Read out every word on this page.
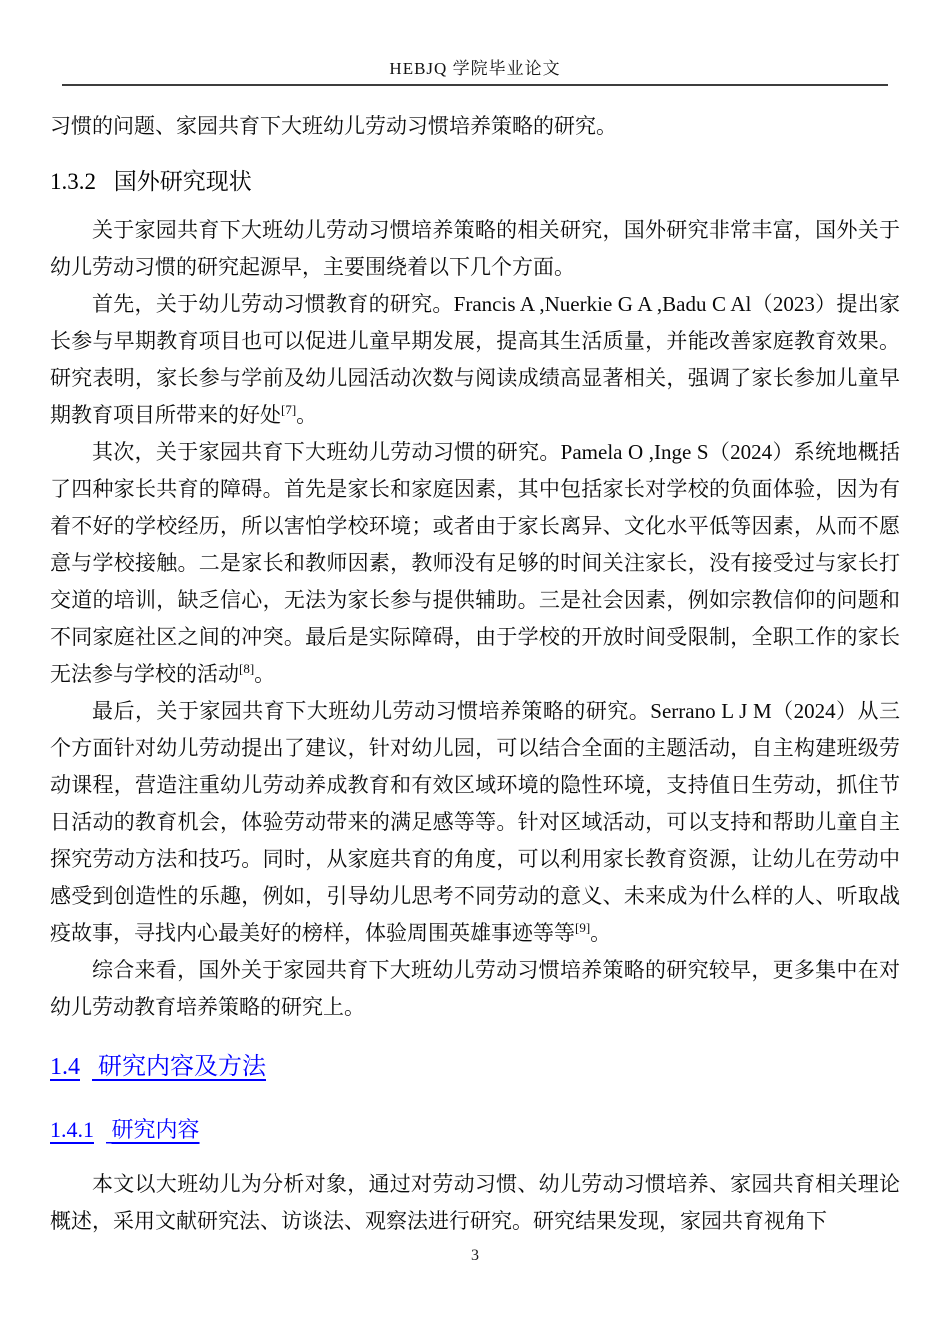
HEBJQ 学院毕业论文

习惯的问题、家园共育下大班幼儿劳动习惯培养策略的研究。

1.3.2 国外研究现状

关于家园共育下大班幼儿劳动习惯培养策略的相关研究，国外研究非常丰富，国外关于幼儿劳动习惯的研究起源早，主要围绕着以下几个方面。

首先，关于幼儿劳动习惯教育的研究。Francis A ,Nuerkie G A ,Badu C Al（2023）提出家长参与早期教育项目也可以促进儿童早期发展，提高其生活质量，并能改善家庭教育效果。研究表明，家长参与学前及幼儿园活动次数与阅读成绩高显著相关，强调了家长参加儿童早期教育项目所带来的好处[7]。

其次，关于家园共育下大班幼儿劳动习惯的研究。Pamela O ,Inge S（2024）系统地概括了四种家长共育的障碍。首先是家长和家庭因素，其中包括家长对学校的负面体验，因为有着不好的学校经历，所以害怕学校环境；或者由于家长离异、文化水平低等因素，从而不愿意与学校接触。二是家长和教师因素，教师没有足够的时间关注家长，没有接受过与家长打交道的培训，缺乏信心，无法为家长参与提供辅助。三是社会因素，例如宗教信仰的问题和不同家庭社区之间的冲突。最后是实际障碍，由于学校的开放时间受限制，全职工作的家长无法参与学校的活动[8]。

最后，关于家园共育下大班幼儿劳动习惯培养策略的研究。Serrano L J M（2024）从三个方面针对幼儿劳动提出了建议，针对幼儿园，可以结合全面的主题活动，自主构建班级劳动课程，营造注重幼儿劳动养成教育和有效区域环境的隐性环境，支持值日生劳动，抓住节日活动的教育机会，体验劳动带来的满足感等等。针对区域活动，可以支持和帮助儿童自主探究劳动方法和技巧。同时，从家庭共育的角度，可以利用家长教育资源，让幼儿在劳动中感受到创造性的乐趣，例如，引导幼儿思考不同劳动的意义、未来成为什么样的人、听取战疫故事，寻找内心最美好的榜样，体验周围英雄事迹等等[9]。

综合来看，国外关于家园共育下大班幼儿劳动习惯培养策略的研究较早，更多集中在对幼儿劳动教育培养策略的研究上。

1.4 研究内容及方法
1.4.1 研究内容

本文以大班幼儿为分析对象，通过对劳动习惯、幼儿劳动习惯培养、家园共育相关理论概述，采用文献研究法、访谈法、观察法进行研究。研究结果发现，家园共育视角下

3
